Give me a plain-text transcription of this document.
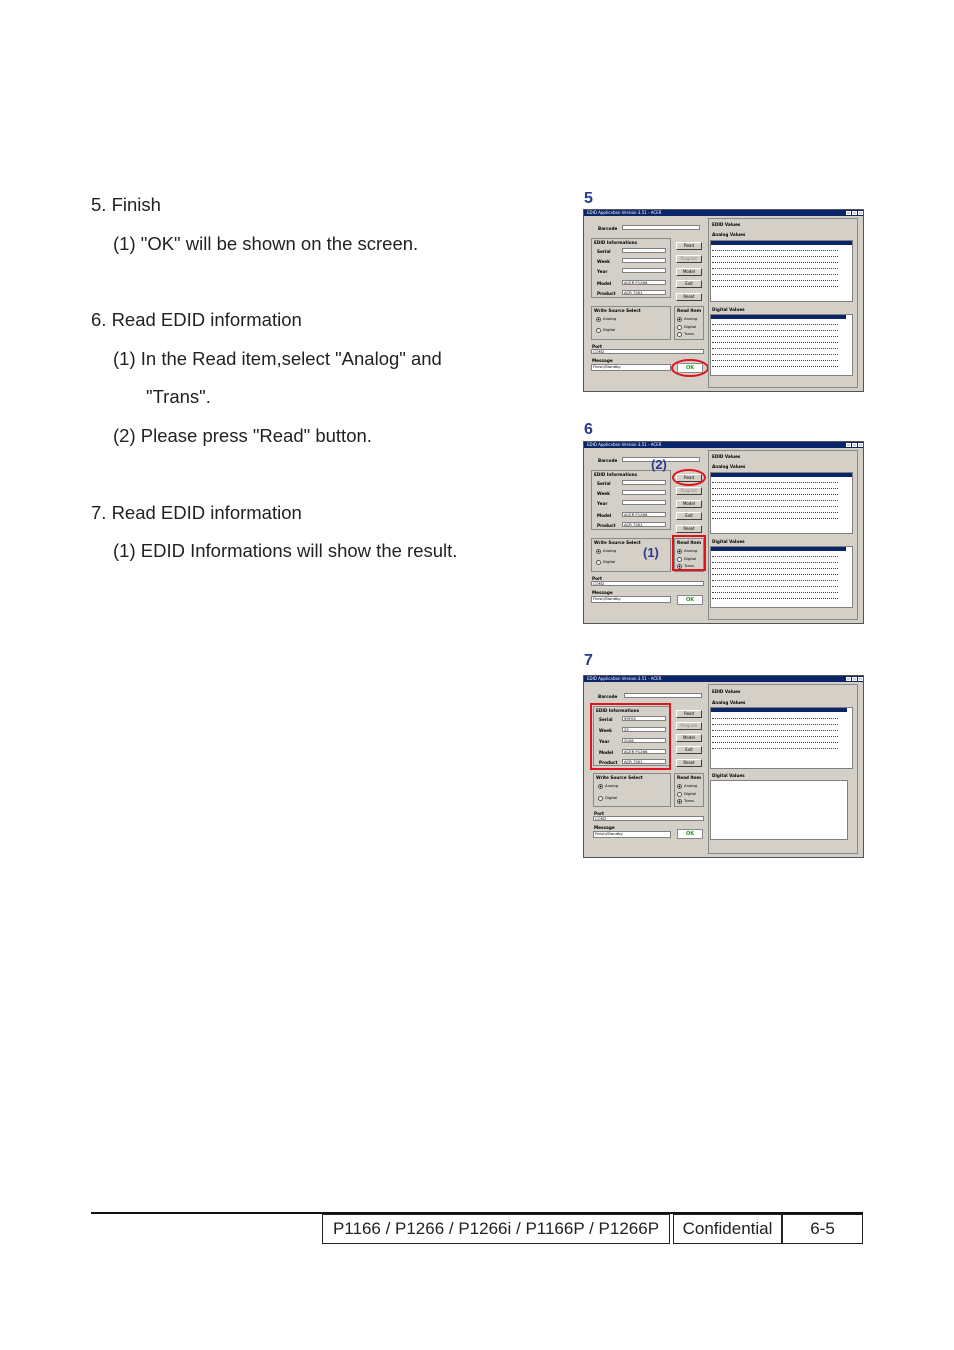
5. Finish
(1) "OK" will be shown on the screen.
6. Read EDID information
(1) In the Read item,select "Analog" and
"Trans".
(2) Please press "Read" button.
7. Read EDID information
(1) EDID Informations will show the result.
5
6
7
EDID Application Version:3.51 - ACER
Barcode
EDID Informations
Serial
Week
Year
Model	ACER P1266
Product	ACR 7001
Read
Program
Model
Exit
Reset
Write Source Select
Analog
Digital
Read Item
Analog
Digital
Trans
Port
COM2
Message
Finish/Standby	OK
EDID Values
Analog Values
Digital Values
EDID Application Version:3.51 - ACER
Barcode
EDID Informations
Serial
Week
Year
Model	ACER P1266
Product	ACR 7001
Read
Program
Model
Exit
Reset
Write Source Select
Analog
Digital
Read Item
Analog
Digital
Trans
Port
COM2
Message
Finish/Standby	OK
EDID Values
Analog Values
Digital Values
(2)
(1)
EDID Application Version:3.51 - ACER
Barcode
EDID Informations
Serial	99F05
Week	25
Year	2008
Model	ACER P1266
Product	ACR 7001
Read
Program
Model
Exit
Reset
Write Source Select
Analog
Digital
Read Item
Analog
Digital
Trans
Port
COM2
Message
Finish/Standby	OK
EDID Values
Analog Values
Digital Values
P1166 / P1266 / P1266i / P1166P / P1266P	Confidential	6-5
